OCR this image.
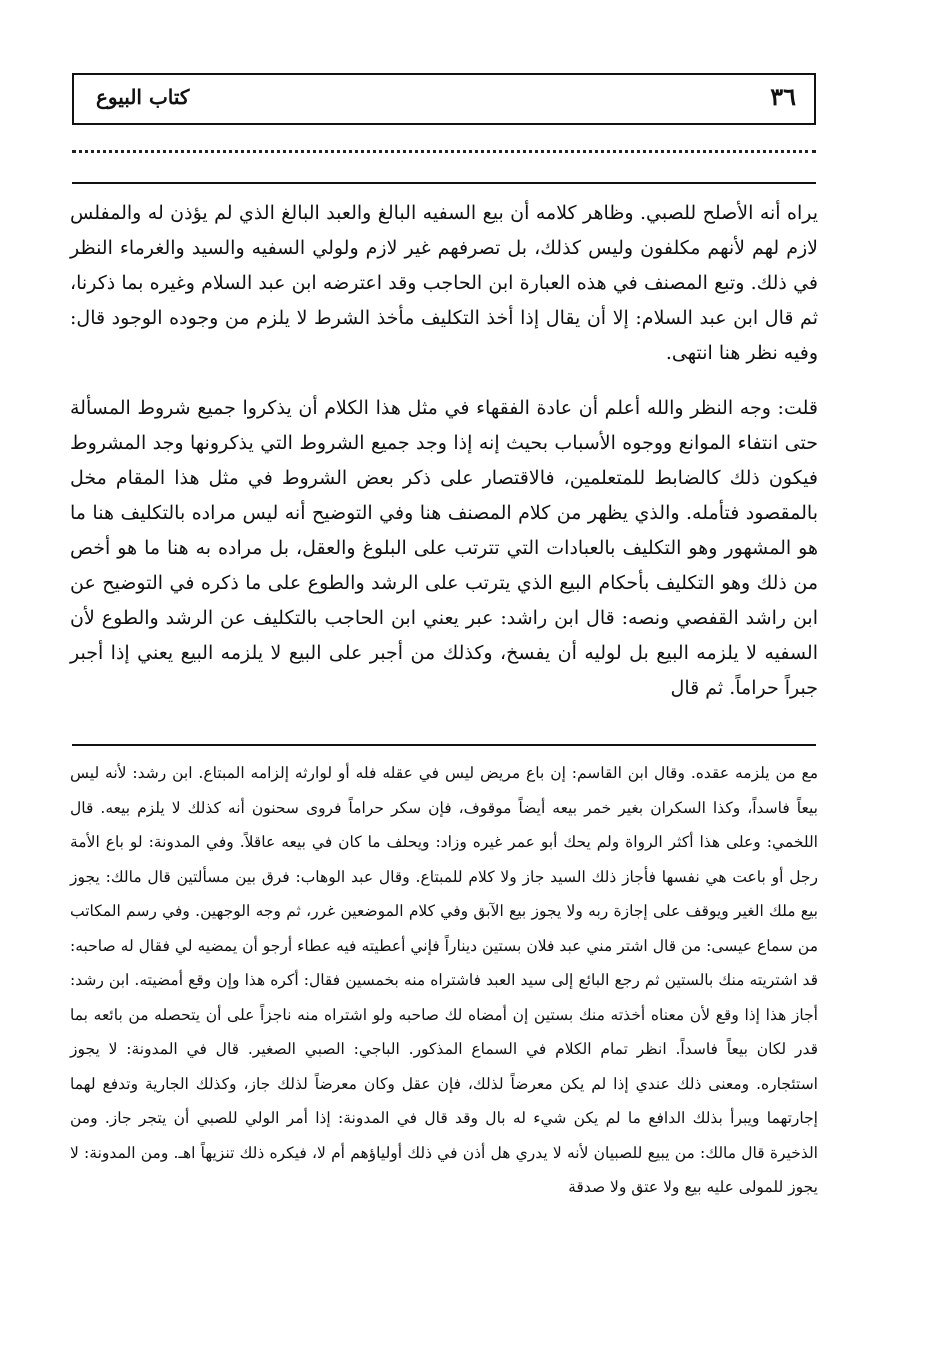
٣٦
كتاب البيوع

يراه أنه الأصلح للصبي. وظاهر كلامه أن بيع السفيه البالغ والعبد البالغ الذي لم يؤذن له والمفلس لازم لهم لأنهم مكلفون وليس كذلك، بل تصرفهم غير لازم ولولي السفيه والسيد والغرماء النظر في ذلك. وتبع المصنف في هذه العبارة ابن الحاجب وقد اعترضه ابن عبد السلام وغيره بما ذكرنا، ثم قال ابن عبد السلام: إلا أن يقال إذا أخذ التكليف مأخذ الشرط لا يلزم من وجوده الوجود قال: وفيه نظر هنا انتهى.

قلت: وجه النظر والله أعلم أن عادة الفقهاء في مثل هذا الكلام أن يذكروا جميع شروط المسألة حتى انتفاء الموانع ووجوه الأسباب بحيث إنه إذا وجد جميع الشروط التي يذكرونها وجد المشروط فيكون ذلك كالضابط للمتعلمين، فالاقتصار على ذكر بعض الشروط في مثل هذا المقام مخل بالمقصود فتأمله. والذي يظهر من كلام المصنف هنا وفي التوضيح أنه ليس مراده بالتكليف هنا ما هو المشهور وهو التكليف بالعبادات التي تترتب على البلوغ والعقل، بل مراده به هنا ما هو أخص من ذلك وهو التكليف بأحكام البيع الذي يترتب على الرشد والطوع على ما ذكره في التوضيح عن ابن راشد القفصي ونصه: قال ابن راشد: عبر يعني ابن الحاجب بالتكليف عن الرشد والطوع لأن السفيه لا يلزمه البيع بل لوليه أن يفسخ، وكذلك من أجبر على البيع لا يلزمه البيع يعني إذا أجبر جبراً حراماً. ثم قال

مع من يلزمه عقده. وقال ابن القاسم: إن باع مريض ليس في عقله فله أو لوارثه إلزامه المبتاع. ابن رشد: لأنه ليس بيعاً فاسداً، وكذا السكران بغير خمر بيعه أيضاً موقوف، فإن سكر حراماً فروى سحنون أنه كذلك لا يلزم بيعه. قال اللخمي: وعلى هذا أكثر الرواة ولم يحك أبو عمر غيره وزاد: ويحلف ما كان في بيعه عاقلاً. وفي المدونة: لو باع الأمة رجل أو باعت هي نفسها فأجاز ذلك السيد جاز ولا كلام للمبتاع. وقال عبد الوهاب: فرق بين مسألتين قال مالك: يجوز بيع ملك الغير ويوقف على إجازة ربه ولا يجوز بيع الآبق وفي كلام الموضعين غرر، ثم وجه الوجهين. وفي رسم المكاتب من سماع عيسى: من قال اشتر مني عبد فلان بستين ديناراً فإني أعطيته فيه عطاء أرجو أن يمضيه لي فقال له صاحبه: قد اشتريته منك بالستين ثم رجع البائع إلى سيد العبد فاشتراه منه بخمسين فقال: أكره هذا وإن وقع أمضيته. ابن رشد: أجاز هذا إذا وقع لأن معناه أخذته منك بستين إن أمضاه لك صاحبه ولو اشتراه منه ناجزاً على أن يتحصله من بائعه بما قدر لكان بيعاً فاسداً. انظر تمام الكلام في السماع المذكور. الباجي: الصبي الصغير. قال في المدونة: لا يجوز استئجاره. ومعنى ذلك عندي إذا لم يكن معرضاً لذلك، فإن عقل وكان معرضاً لذلك جاز، وكذلك الجارية وتدفع لهما إجارتهما ويبرأ بذلك الدافع ما لم يكن شيء له بال وقد قال في المدونة: إذا أمر الولي للصبي أن يتجر جاز. ومن الذخيرة قال مالك: من يبيع للصبيان لأنه لا يدري هل أذن في ذلك أولياؤهم أم لا، فيكره ذلك تنزيهاً اهـ. ومن المدونة: لا يجوز للمولى عليه بيع ولا عتق ولا صدقة
